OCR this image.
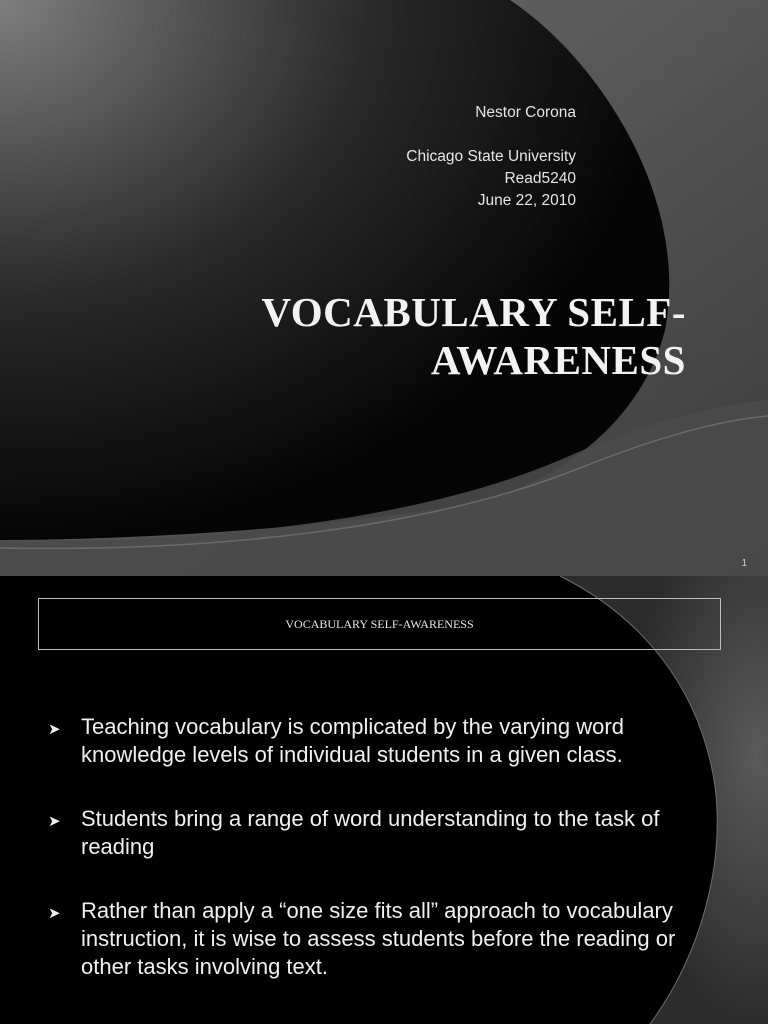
Nestor Corona
Chicago State University
Read5240
June 22, 2010
VOCABULARY SELF-
AWARENESS
1
VOCABULARY SELF-AWARENESS
➤ Teaching vocabulary is complicated by the varying word knowledge levels of individual students in a given class.
➤ Students bring a range of word understanding to the task of reading
➤ Rather than apply a “one size fits all” approach to vocabulary instruction, it is wise to assess students before the reading or other tasks involving text.
